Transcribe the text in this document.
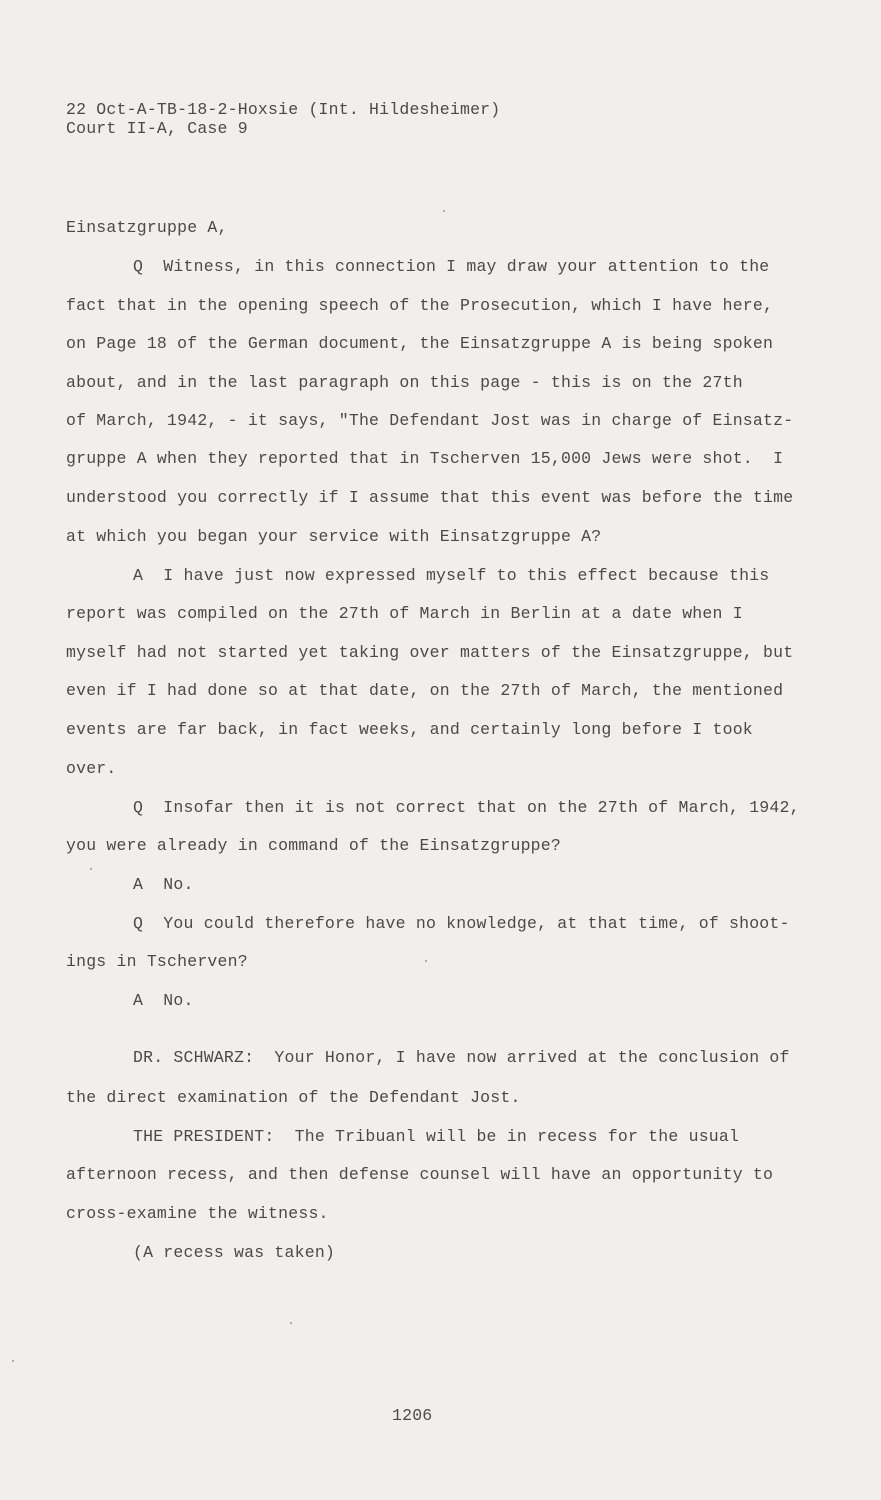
22 Oct-A-TB-18-2-Hoxsie (Int. Hildesheimer)
Court II-A, Case 9
Einsatzgruppe A,
Q  Witness, in this connection I may draw your attention to the
fact that in the opening speech of the Prosecution, which I have here,
on Page 18 of the German document, the Einsatzgruppe A is being spoken
about, and in the last paragraph on this page - this is on the 27th
of March, 1942, - it says, "The Defendant Jost was in charge of Einsatz-
gruppe A when they reported that in Tscherven 15,000 Jews were shot.  I
understood you correctly if I assume that this event was before the time
at which you began your service with Einsatzgruppe A?
A  I have just now expressed myself to this effect because this
report was compiled on the 27th of March in Berlin at a date when I
myself had not started yet taking over matters of the Einsatzgruppe, but
even if I had done so at that date, on the 27th of March, the mentioned
events are far back, in fact weeks, and certainly long before I took
over.
Q  Insofar then it is not correct that on the 27th of March, 1942,
you were already in command of the Einsatzgruppe?
A  No.
Q  You could therefore have no knowledge, at that time, of shoot-
ings in Tscherven?
A  No.
DR. SCHWARZ:  Your Honor, I have now arrived at the conclusion of
the direct examination of the Defendant Jost.
THE PRESIDENT:  The Tribuanl will be in recess for the usual
afternoon recess, and then defense counsel will have an opportunity to
cross-examine the witness.
(A recess was taken)
1206
